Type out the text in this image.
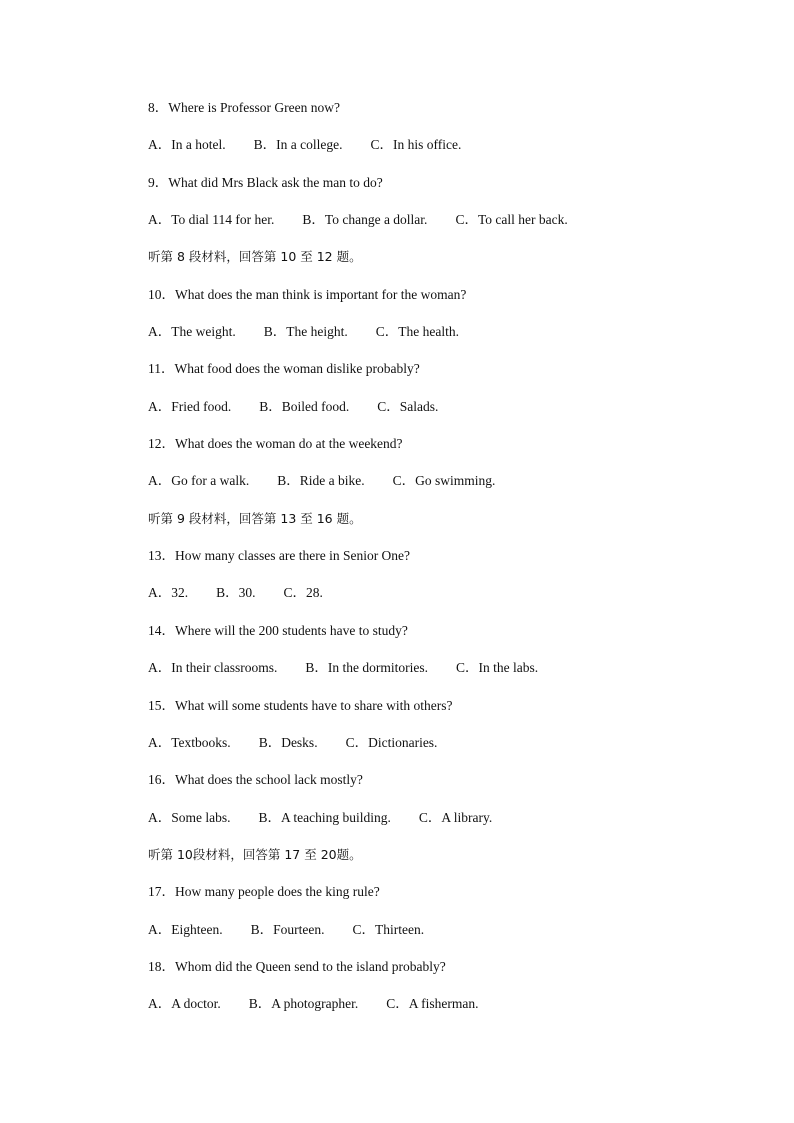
8．Where is Professor Green now?
A．In a hotel. B．In a college. C．In his office.
9．What did Mrs Black ask the man to do?
A．To dial 114 for her. B．To change a dollar. C．To call her back.
听第 8 段材料，回答第 10 至 12 题。
10．What does the man think is important for the woman?
A．The weight. B．The height. C．The health.
11．What food does the woman dislike probably?
A．Fried food. B．Boiled food. C．Salads.
12．What does the woman do at the weekend?
A．Go for a walk. B．Ride a bike. C．Go swimming.
听第 9 段材料，回答第 13 至 16 题。
13．How many classes are there in Senior One?
A．32. B．30. C．28.
14．Where will the 200 students have to study?
A．In their classrooms. B．In the dormitories. C．In the labs.
15．What will some students have to share with others?
A．Textbooks. B．Desks. C．Dictionaries.
16．What does the school lack mostly?
A．Some labs. B．A teaching building. C．A library.
听第 10段材料，回答第 17 至 20题。
17．How many people does the king rule?
A．Eighteen. B．Fourteen. C．Thirteen.
18．Whom did the Queen send to the island probably?
A．A doctor. B．A photographer. C．A fisherman.
